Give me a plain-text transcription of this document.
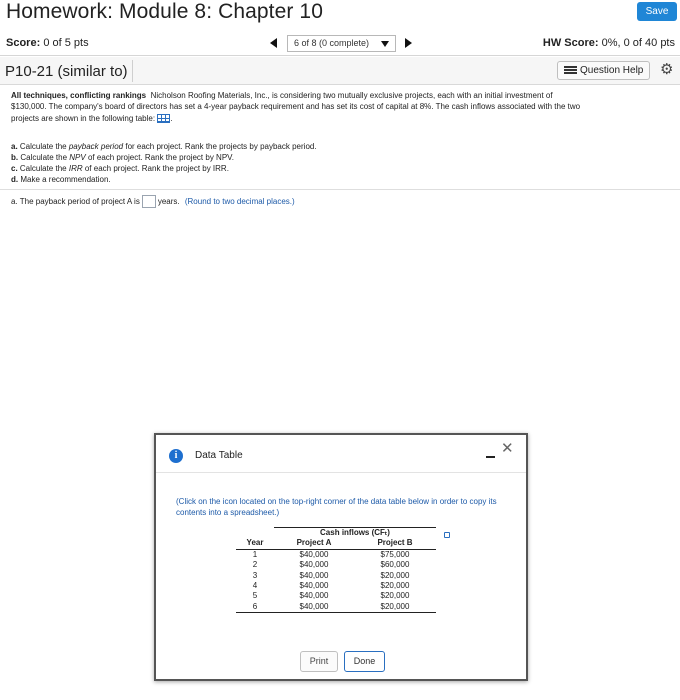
Homework: Module 8: Chapter 10	Save
Score: 0 of 5 pts	6 of 8 (0 complete)	HW Score: 0%, 0 of 40 pts
P10-21 (similar to)	Question Help	⚙
All techniques, conflicting rankings Nicholson Roofing Materials, Inc., is considering two mutually exclusive projects, each with an initial investment of
$130,000. The company's board of directors has set a 4-year payback requirement and has set its cost of capital at 8%. The cash inflows associated with the two
projects are shown in the following table: .
a. Calculate the payback period for each project. Rank the projects by payback period.
b. Calculate the NPV of each project. Rank the project by NPV.
c. Calculate the IRR of each project. Rank the project by IRR.
d. Make a recommendation.
a. The payback period of project A is years. (Round to two decimal places.)
i	Data Table	✕
(Click on the icon located on the top-right corner of the data table below in order to copy its contents into a spreadsheet.)
	Cash inflows (CFₜ)	
Year	Project A	Project B
1	$40,000	$75,000
2	$40,000	$60,000
3	$40,000	$20,000
4	$40,000	$20,000
5	$40,000	$20,000
6	$40,000	$20,000
Print	Done
